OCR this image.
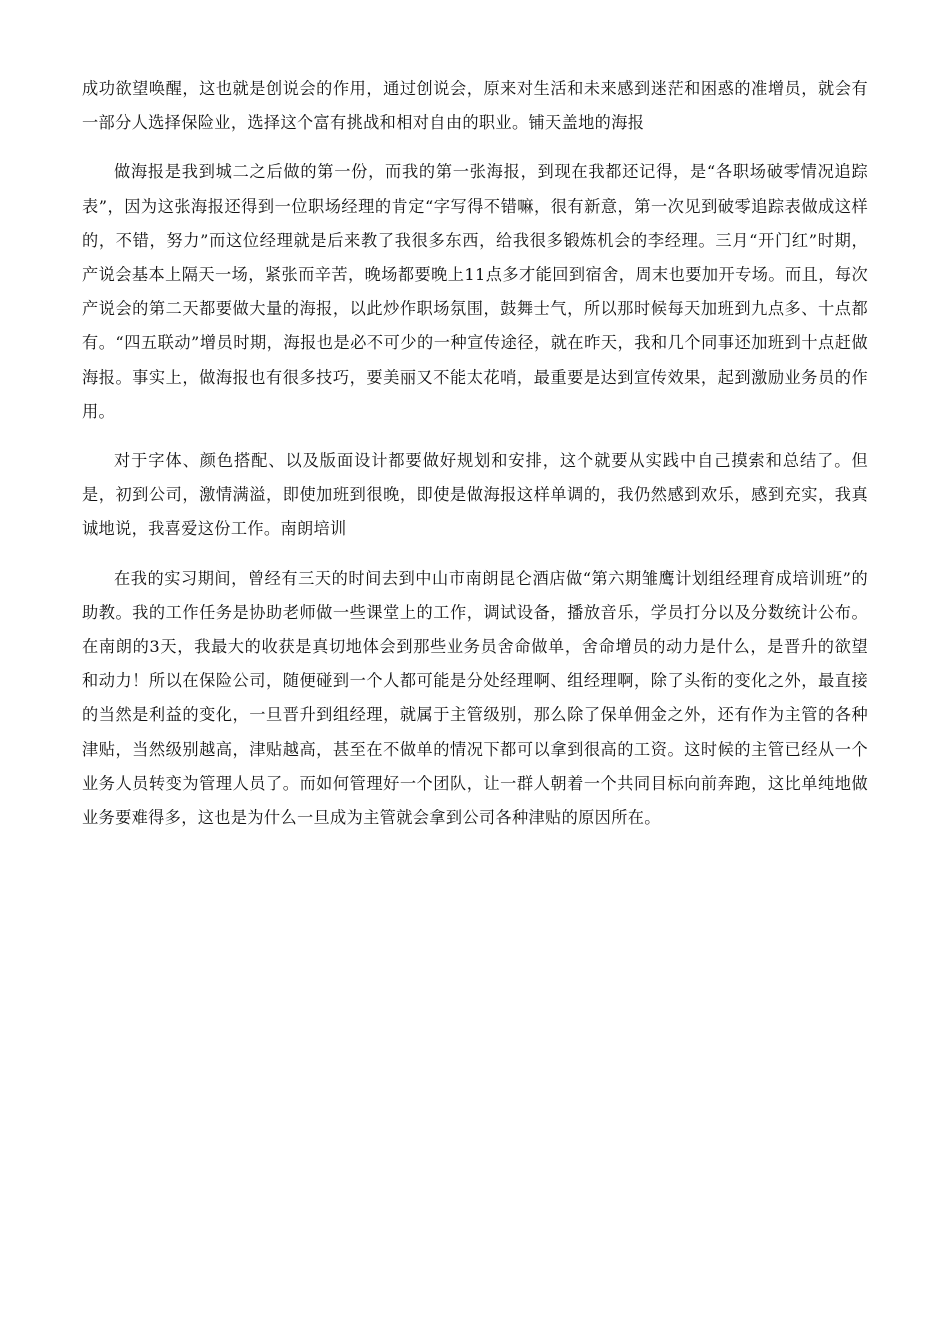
成功欲望唤醒，这也就是创说会的作用，通过创说会，原来对生活和未来感到迷茫和困惑的准增员，就会有一部分人选择保险业，选择这个富有挑战和相对自由的职业。铺天盖地的海报

做海报是我到城二之后做的第一份，而我的第一张海报，到现在我都还记得，是“各职场破零情况追踪表”，因为这张海报还得到一位职场经理的肯定“字写得不错嘛，很有新意，第一次见到破零追踪表做成这样的，不错，努力”而这位经理就是后来教了我很多东西，给我很多锻炼机会的李经理。三月“开门红”时期，产说会基本上隔天一场，紧张而辛苦，晚场都要晚上11点多才能回到宿舍，周末也要加开专场。而且，每次产说会的第二天都要做大量的海报，以此炒作职场氛围，鼓舞士气，所以那时候每天加班到九点多、十点都有。“四五联动”增员时期，海报也是必不可少的一种宣传途径，就在昨天，我和几个同事还加班到十点赶做海报。事实上，做海报也有很多技巧，要美丽又不能太花哨，最重要是达到宣传效果，起到激励业务员的作用。

对于字体、颜色搭配、以及版面设计都要做好规划和安排，这个就要从实践中自己摸索和总结了。但是，初到公司，激情满溢，即使加班到很晚，即使是做海报这样单调的，我仍然感到欢乐，感到充实，我真诚地说，我喜爱这份工作。南朗培训

在我的实习期间，曾经有三天的时间去到中山市南朗昆仑酒店做“第六期雏鹰计划组经理育成培训班”的助教。我的工作任务是协助老师做一些课堂上的工作，调试设备，播放音乐，学员打分以及分数统计公布。在南朗的3天，我最大的收获是真切地体会到那些业务员舍命做单，舍命增员的动力是什么，是晋升的欲望和动力！所以在保险公司，随便碰到一个人都可能是分处经理啊、组经理啊，除了头衔的变化之外，最直接的当然是利益的变化，一旦晋升到组经理，就属于主管级别，那么除了保单佣金之外，还有作为主管的各种津贴，当然级别越高，津贴越高，甚至在不做单的情况下都可以拿到很高的工资。这时候的主管已经从一个业务人员转变为管理人员了。而如何管理好一个团队，让一群人朝着一个共同目标向前奔跑，这比单纯地做业务要难得多，这也是为什么一旦成为主管就会拿到公司各种津贴的原因所在。
